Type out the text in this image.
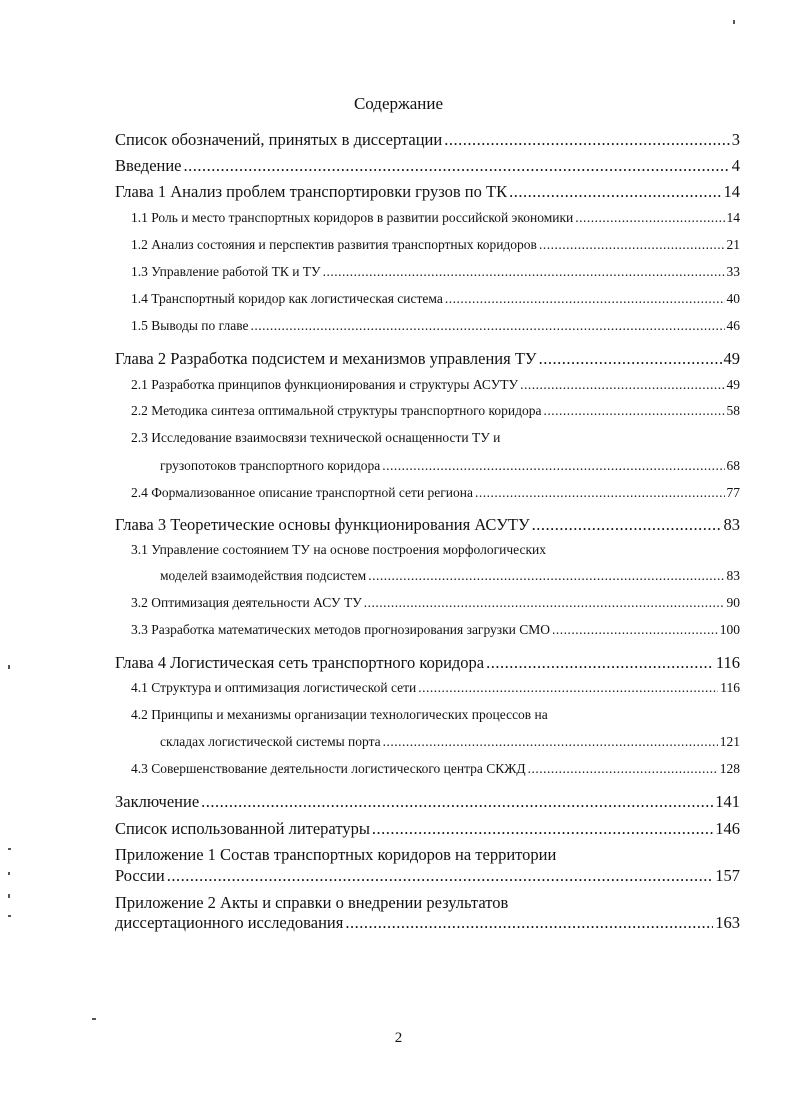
Содержание
Список обозначений, принятых в диссертации .....	3
Введение .....	4
Глава 1 Анализ проблем транспортировки грузов по ТК .....	14
1.1 Роль и место транспортных коридоров в развитии российской экономики .....	14
1.2 Анализ состояния и перспектив развития транспортных коридоров .....	21
1.3 Управление работой ТК и ТУ .....	33
1.4 Транспортный коридор как логистическая система .....	40
1.5 Выводы по главе .....	46
Глава 2 Разработка подсистем и механизмов управления ТУ .....	49
2.1 Разработка принципов функционирования и структуры АСУТУ .....	49
2.2 Методика синтеза оптимальной структуры транспортного коридора .....	58
2.3 Исследование взаимосвязи технической оснащенности ТУ и
грузопотоков транспортного коридора .....	68
2.4 Формализованное описание транспортной сети региона .....	77
Глава 3 Теоретические основы функционирования АСУТУ .....	83
3.1 Управление состоянием ТУ на основе построения морфологических
моделей взаимодействия подсистем .....	83
3.2 Оптимизация деятельности АСУ ТУ .....	90
3.3 Разработка математических методов прогнозирования загрузки СМО .....	100
Глава 4 Логистическая сеть транспортного коридора .....	116
4.1 Структура и оптимизация логистической сети .....	116
4.2 Принципы и механизмы организации технологических процессов на
складах логистической системы порта .....	121
4.3 Совершенствование деятельности логистического центра СКЖД .....	128
Заключение .....	141
Список использованной литературы .....	146
Приложение 1 Состав транспортных коридоров на территории
России .....	157
Приложение 2 Акты и справки о внедрении результатов
диссертационного исследования .....	163
2
